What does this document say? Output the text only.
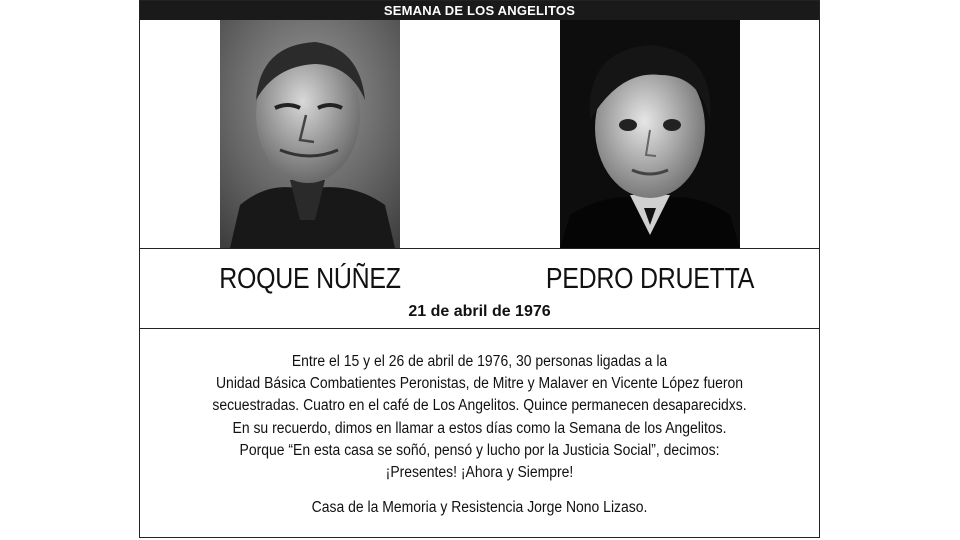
SEMANA DE LOS ANGELITOS
ROQUE NÚÑEZ	PEDRO DRUETTA
21 de abril de 1976
Entre el 15 y el 26 de abril de 1976, 30 personas ligadas a la
Unidad Básica Combatientes Peronistas, de Mitre y Malaver en Vicente López fueron
secuestradas. Cuatro en el café de Los Angelitos. Quince permanecen desaparecidxs.
En su recuerdo, dimos en llamar a estos días como la Semana de los Angelitos.
Porque “En esta casa se soñó, pensó y lucho por la Justicia Social”, decimos:
¡Presentes! ¡Ahora y Siempre!
Casa de la Memoria y Resistencia Jorge Nono Lizaso.
